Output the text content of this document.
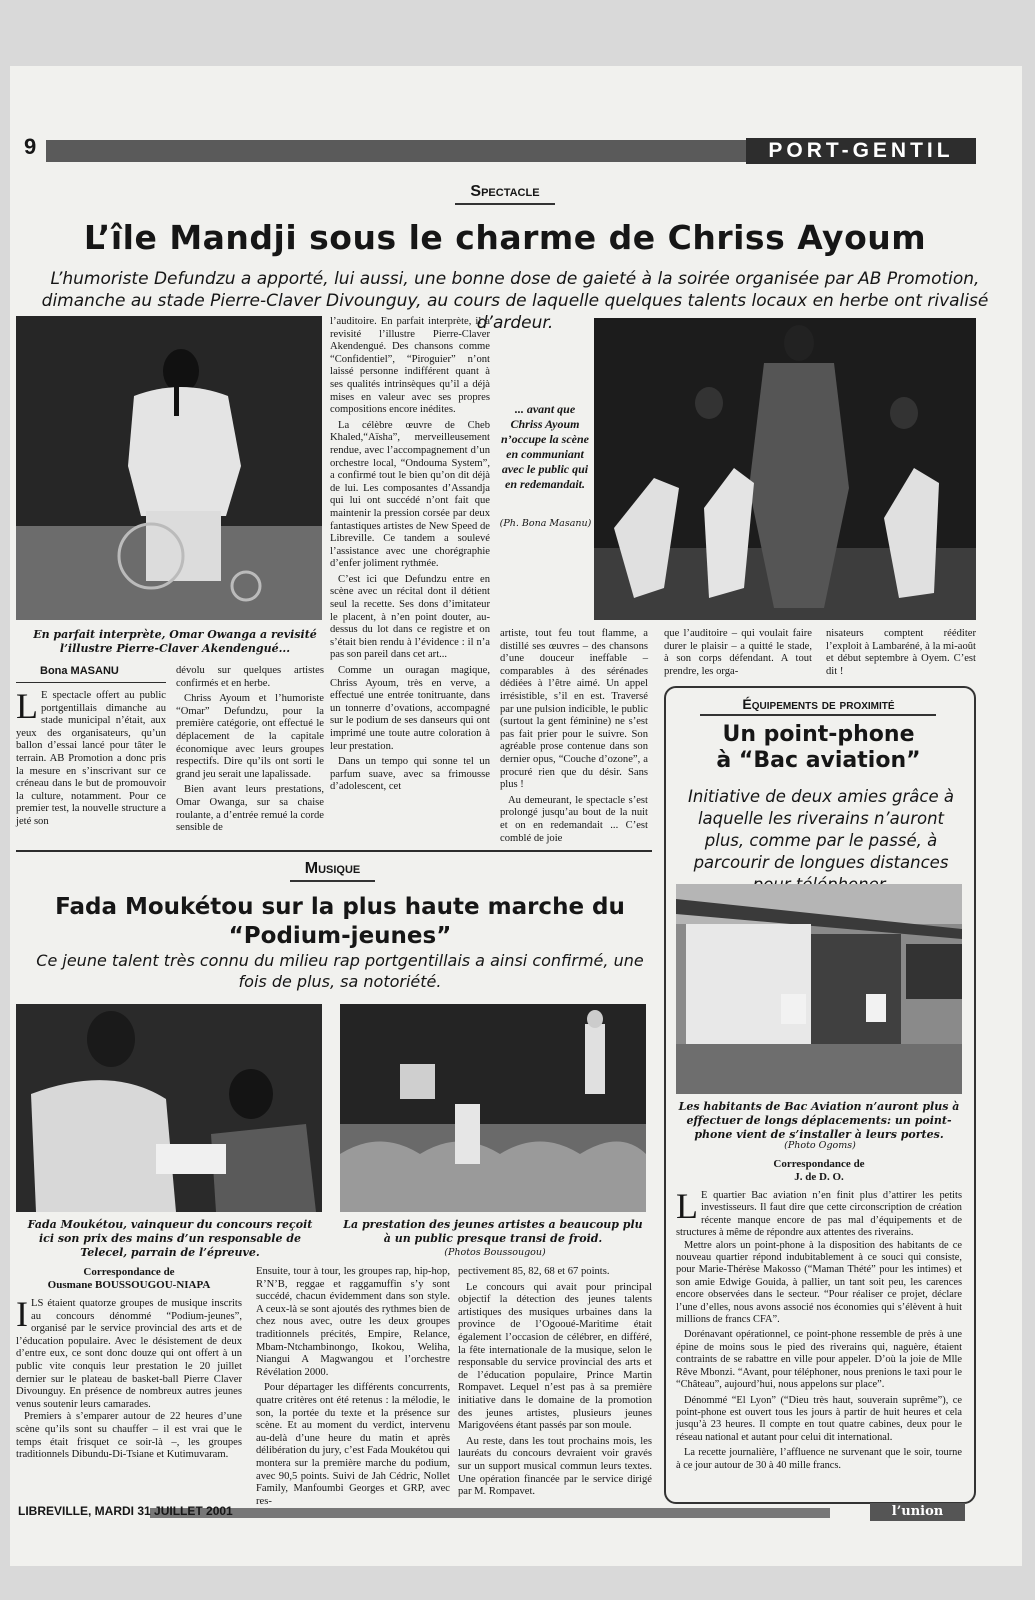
9	PORT-GENTIL
Spectacle
L’île Mandji sous le charme de Chriss Ayoum
L’humoriste Defundzu a apporté, lui aussi, une bonne dose de gaieté à la soirée organisée par AB Promotion, dimanche au stade Pierre-Claver Divounguy, au cours de laquelle quelques talents locaux en herbe ont rivalisé d’ardeur.
En parfait interprète, Omar Owanga a revisité l’illustre Pierre-Claver Akendengué...
Bona MASANU
L E spectacle offert au public portgentillais dimanche au stade municipal n’était, aux yeux des organisateurs, qu’un ballon d’essai lancé pour tâter le terrain. AB Promotion a donc pris la mesure en s’inscrivant sur ce créneau dans le but de promouvoir la culture, notamment. Pour ce premier test, la nouvelle structure a jeté son

dévolu sur quelques artistes confirmés et en herbe.

Chriss Ayoum et l’humoriste “Omar” Defundzu, pour la première catégorie, ont effectué le déplacement de la capitale économique avec leurs groupes respectifs. Dire qu’ils ont sorti le grand jeu serait une lapalissade.

Bien avant leurs prestations, Omar Owanga, sur sa chaise roulante, a d’entrée remué la corde sensible de

l’auditoire. En parfait interprète, il a revisité l’illustre Pierre-Claver Akendengué. Des chansons comme “Confidentiel”, “Piroguier” n’ont laissé personne indifférent quant à ses qualités intrinsèques qu’il a déjà mises en valeur avec ses propres compositions encore inédites.

La célèbre œuvre de Cheb Khaled,“Aïsha”, merveilleusement rendue, avec l’accompagnement d’un orchestre local, “Ondouma System”, a confirmé tout le bien qu’on dit déjà de lui. Les composantes d’Assandja qui lui ont succédé n’ont fait que maintenir la pression corsée par deux fantastiques artistes de New Speed de Libreville. Ce tandem a soulevé l’assistance avec une chorégraphie d’enfer joliment rythmée.

C’est ici que Defundzu entre en scène avec un récital dont il détient seul la recette. Ses dons d’imitateur le placent, à n’en point douter, au-dessus du lot dans ce registre et on s’était bien rendu à l’évidence : il n’a pas son pareil dans cet art...

Comme un ouragan magique, Chriss Ayoum, très en verve, a effectué une entrée tonitruante, dans un tonnerre d’ovations, accompagné sur le podium de ses danseurs qui ont imprimé une toute autre coloration à leur prestation.

Dans un tempo qui sonne tel un parfum suave, avec sa frimousse d’adolescent, cet

... avant que Chriss Ayoum n’occupe la scène en communiant avec le public qui en redemandait.
(Ph. Bona Masanu)

artiste, tout feu tout flamme, a distillé ses œuvres – des chansons d’une douceur ineffable – comparables à des sérénades dédiées à l’être aimé. Un appel irrésistible, s’il en est. Traversé par une pulsion indicible, le public (surtout la gent féminine) ne s’est pas fait prier pour le suivre. Son agréable prose contenue dans son dernier opus, “Couche d’ozone”, a procuré rien que du désir. Sans plus !

Au demeurant, le spectacle s’est prolongé jusqu’au bout de la nuit et on en redemandait ... C’est comblé de joie

que l’auditoire – qui voulait faire durer le plaisir – a quitté le stade, à son corps défendant. A tout prendre, les orga-

nisateurs comptent rééditer l’exploit à Lambaréné, à la mi-août et début septembre à Oyem. C’est dit !

Musique
Fada Moukétou sur la plus haute marche du “Podium-jeunes”
Ce jeune talent très connu du milieu rap portgentillais a ainsi confirmé, une fois de plus, sa notoriété.
Fada Moukétou, vainqueur du concours reçoit ici son prix des mains d’un responsable de Telecel, parrain de l’épreuve.
La prestation des jeunes artistes a beaucoup plu à un public presque transi de froid.
(Photos Boussougou)
Correspondance de
Ousmane BOUSSOUGOU-NIAPA
ILS étaient quatorze groupes de musique inscrits au concours dénommé “Podium-jeunes”, organisé par le service provincial des arts et de l’éducation populaire. Avec le désistement de deux d’entre eux, ce sont donc douze qui ont offert à un public vite conquis leur prestation le 20 juillet dernier sur le plateau de basket-ball Pierre Claver Divounguy. En présence de nombreux autres jeunes venus soutenir leurs camarades.

Premiers à s’emparer autour de 22 heures d’une scène qu’ils sont su chauffer – il est vrai que le temps était frisquet ce soir-là –, les groupes traditionnels Dibundu-Di-Tsiane et Kutimuvaram.

Ensuite, tour à tour, les groupes rap, hip-hop, R’N’B, reggae et raggamuffin s’y sont succédé, chacun évidemment dans son style. A ceux-là se sont ajoutés des rythmes bien de chez nous avec, outre les deux groupes traditionnels précités, Empire, Relance, Mbam-Ntchambinongo, Ikokou, Weliha, Niangui A Magwangou et l’orchestre Révélation 2000.

Pour départager les différents concurrents, quatre critères ont été retenus : la mélodie, le son, la portée du texte et la présence sur scène. Et au moment du verdict, intervenu au-delà d’une heure du matin et après délibération du jury, c’est Fada Moukétou qui montera sur la première marche du podium, avec 90,5 points. Suivi de Jah Cédric, Nollet Family, Manfoumbi Georges et GRP, avec res-

pectivement 85, 82, 68 et 67 points.

Le concours qui avait pour principal objectif la détection des jeunes talents artistiques des musiques urbaines dans la province de l’Ogooué-Maritime était également l’occasion de célébrer, en différé, la fête internationale de la musique, selon le responsable du service provincial des arts et de l’éducation populaire, Prince Martin Rompavet. Lequel n’est pas à sa première initiative dans le domaine de la promotion des jeunes artistes, plusieurs jeunes Marigovéens étant passés par son moule.

Au reste, dans les tout prochains mois, les lauréats du concours devraient voir gravés sur un support musical commun leurs textes. Une opération financée par le service dirigé par M. Rompavet.

Équipements de proximité
Un point-phone
à “Bac aviation”
Initiative de deux amies grâce à laquelle les riverains n’auront plus, comme par le passé, à parcourir de longues distances
Les habitants de Bac Aviation n’auront plus à effectuer de longs déplacements: un point-phone vient de s’installer à leurs portes.
(Photo Ogoms)
Correspondance de
J. de D. O.
L E quartier Bac aviation n’en finit plus d’attirer les petits investisseurs. Il faut dire que cette circonscription de création récente manque encore de pas mal d’équipements et de structures à même de répondre aux attentes des riverains.

Mettre alors un point-phone à la disposition des habitants de ce nouveau quartier répond indubitablement à ce souci qui consiste, pour Marie-Thérèse Makosso (“Maman Thété” pour les intimes) et son amie Edwige Gouida, à pallier, un tant soit peu, les carences encore observées dans le secteur. “Pour réaliser ce projet, déclare l’une d’elles, nous avons associé nos économies qui s’élèvent à huit millions de francs CFA”.

Dorénavant opérationnel, ce point-phone ressemble de près à une épine de moins sous le pied des riverains qui, naguère, étaient contraints de se rabattre en ville pour appeler. D’où la joie de Mlle Rêve Mbonzi. “Avant, pour téléphoner, nous prenions le taxi pour le “Château”, aujourd’hui, nous appelons sur place”.

Dénommé “El Lyon” (“Dieu très haut, souverain suprême”), ce point-phone est ouvert tous les jours à partir de huit heures et cela jusqu’à 23 heures. Il compte en tout quatre cabines, deux pour le réseau national et autant pour celui dit international.

La recette journalière, l’affluence ne survenant que le soir, tourne à ce jour autour de 30 à 40 mille francs.

LIBREVILLE, MARDI 31 JUILLET 2001	l’union
